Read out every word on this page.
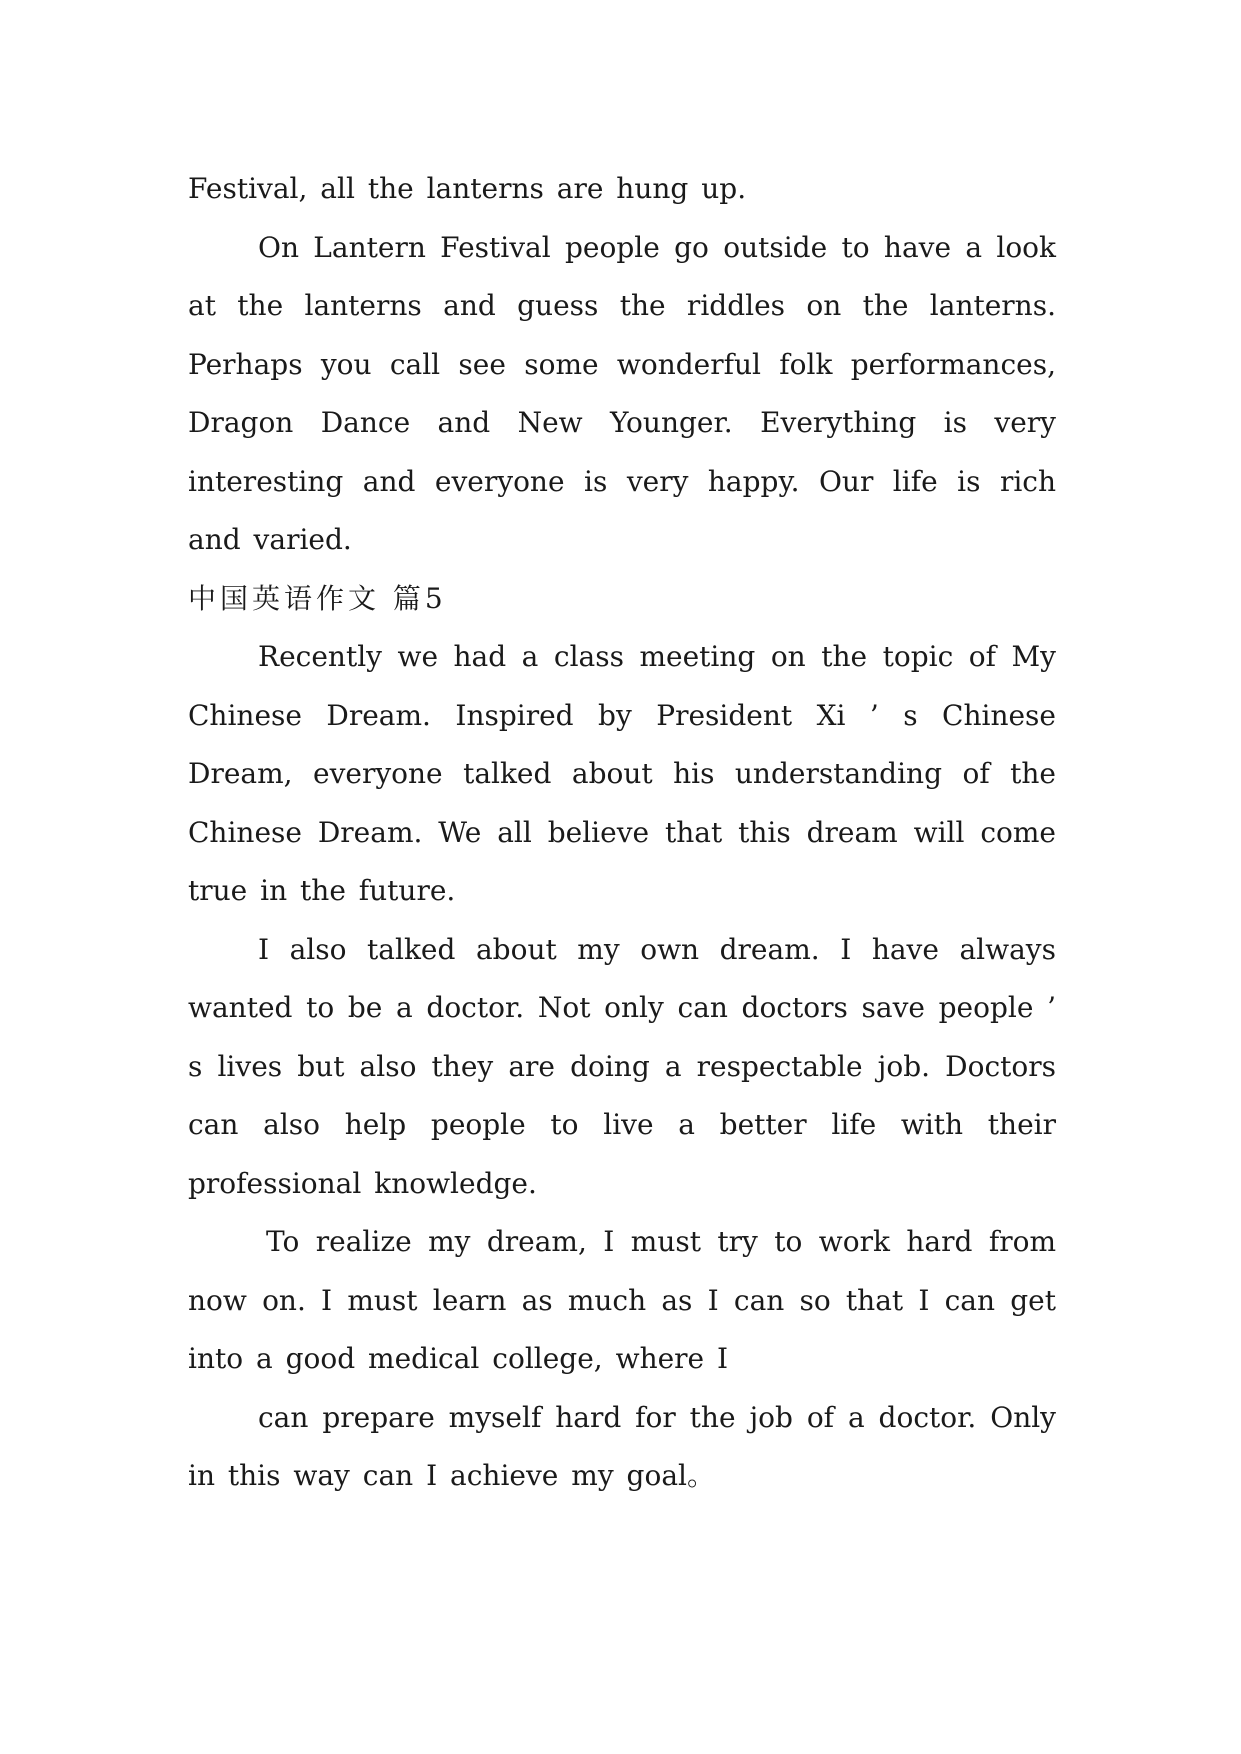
Festival, all the lanterns are hung up.

On Lantern Festival people go outside to have a look at the lanterns and guess the riddles on the lanterns. Perhaps you call see some wonderful folk performances, Dragon Dance and New Younger. Everything is very interesting and everyone is very happy. Our life is rich and varied.

中国英语作文 篇5

Recently we had a class meeting on the topic of My Chinese Dream. Inspired by President Xi ’ s Chinese Dream, everyone talked about his understanding of the Chinese Dream. We all believe that this dream will come true in the future.

I also talked about my own dream. I have always wanted to be a doctor. Not only can doctors save people ’ s lives but also they are doing a respectable job. Doctors can also help people to live a better life with their professional knowledge.

To realize my dream, I must try to work hard from now on. I must learn as much as I can so that I can get into a good medical college, where I

can prepare myself hard for the job of a doctor. Only in this way can I achieve my goal。
